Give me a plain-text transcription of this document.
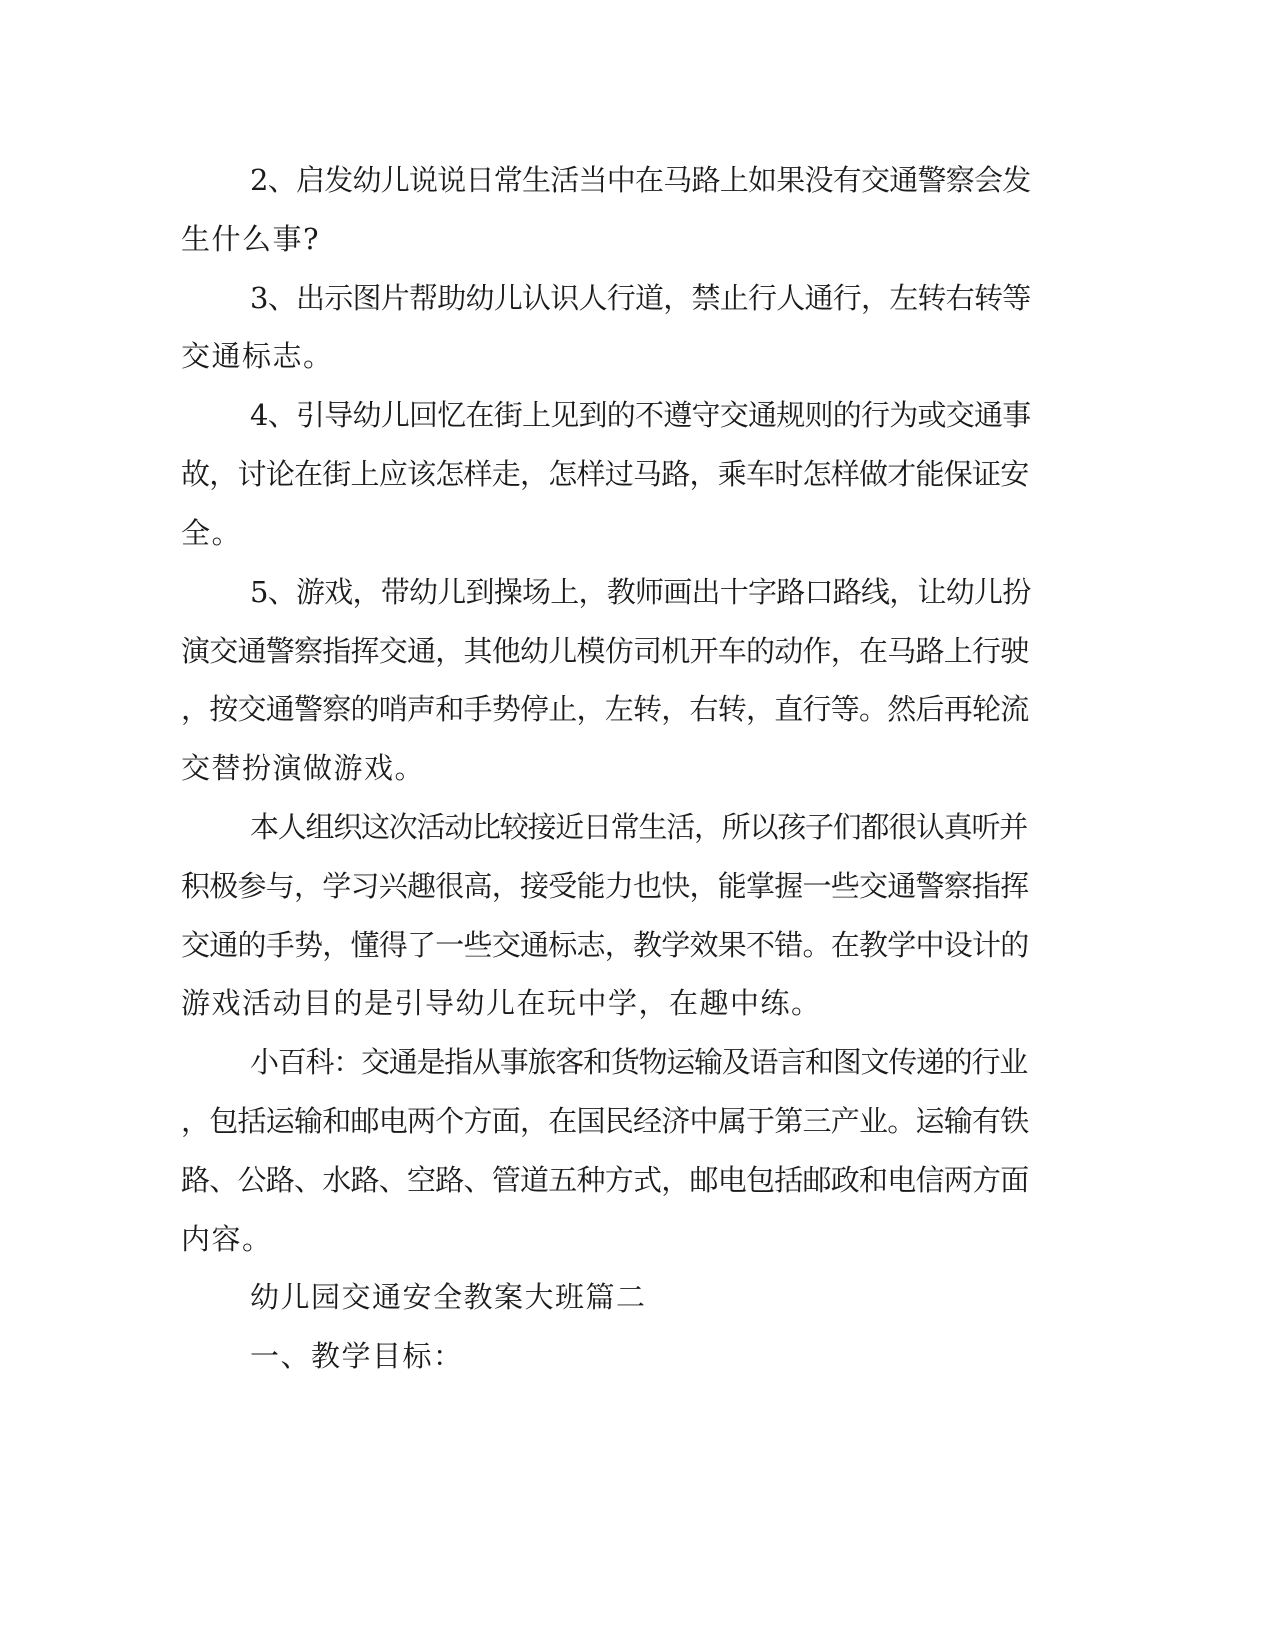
2、启发幼儿说说日常生活当中在马路上如果没有交通警察会发

生什么事?

3、出示图片帮助幼儿认识人行道，禁止行人通行，左转右转等

交通标志。

4、引导幼儿回忆在街上见到的不遵守交通规则的行为或交通事

故，讨论在街上应该怎样走，怎样过马路，乘车时怎样做才能保证安

全。

5、游戏，带幼儿到操场上，教师画出十字路口路线，让幼儿扮

演交通警察指挥交通，其他幼儿模仿司机开车的动作，在马路上行驶

，按交通警察的哨声和手势停止，左转，右转，直行等。然后再轮流

交替扮演做游戏。

本人组织这次活动比较接近日常生活，所以孩子们都很认真听并

积极参与，学习兴趣很高，接受能力也快，能掌握一些交通警察指挥

交通的手势，懂得了一些交通标志，教学效果不错。在教学中设计的

游戏活动目的是引导幼儿在玩中学，在趣中练。

小百科：交通是指从事旅客和货物运输及语言和图文传递的行业

，包括运输和邮电两个方面，在国民经济中属于第三产业。运输有铁

路、公路、水路、空路、管道五种方式，邮电包括邮政和电信两方面

内容。

幼儿园交通安全教案大班篇二

一、教学目标：
